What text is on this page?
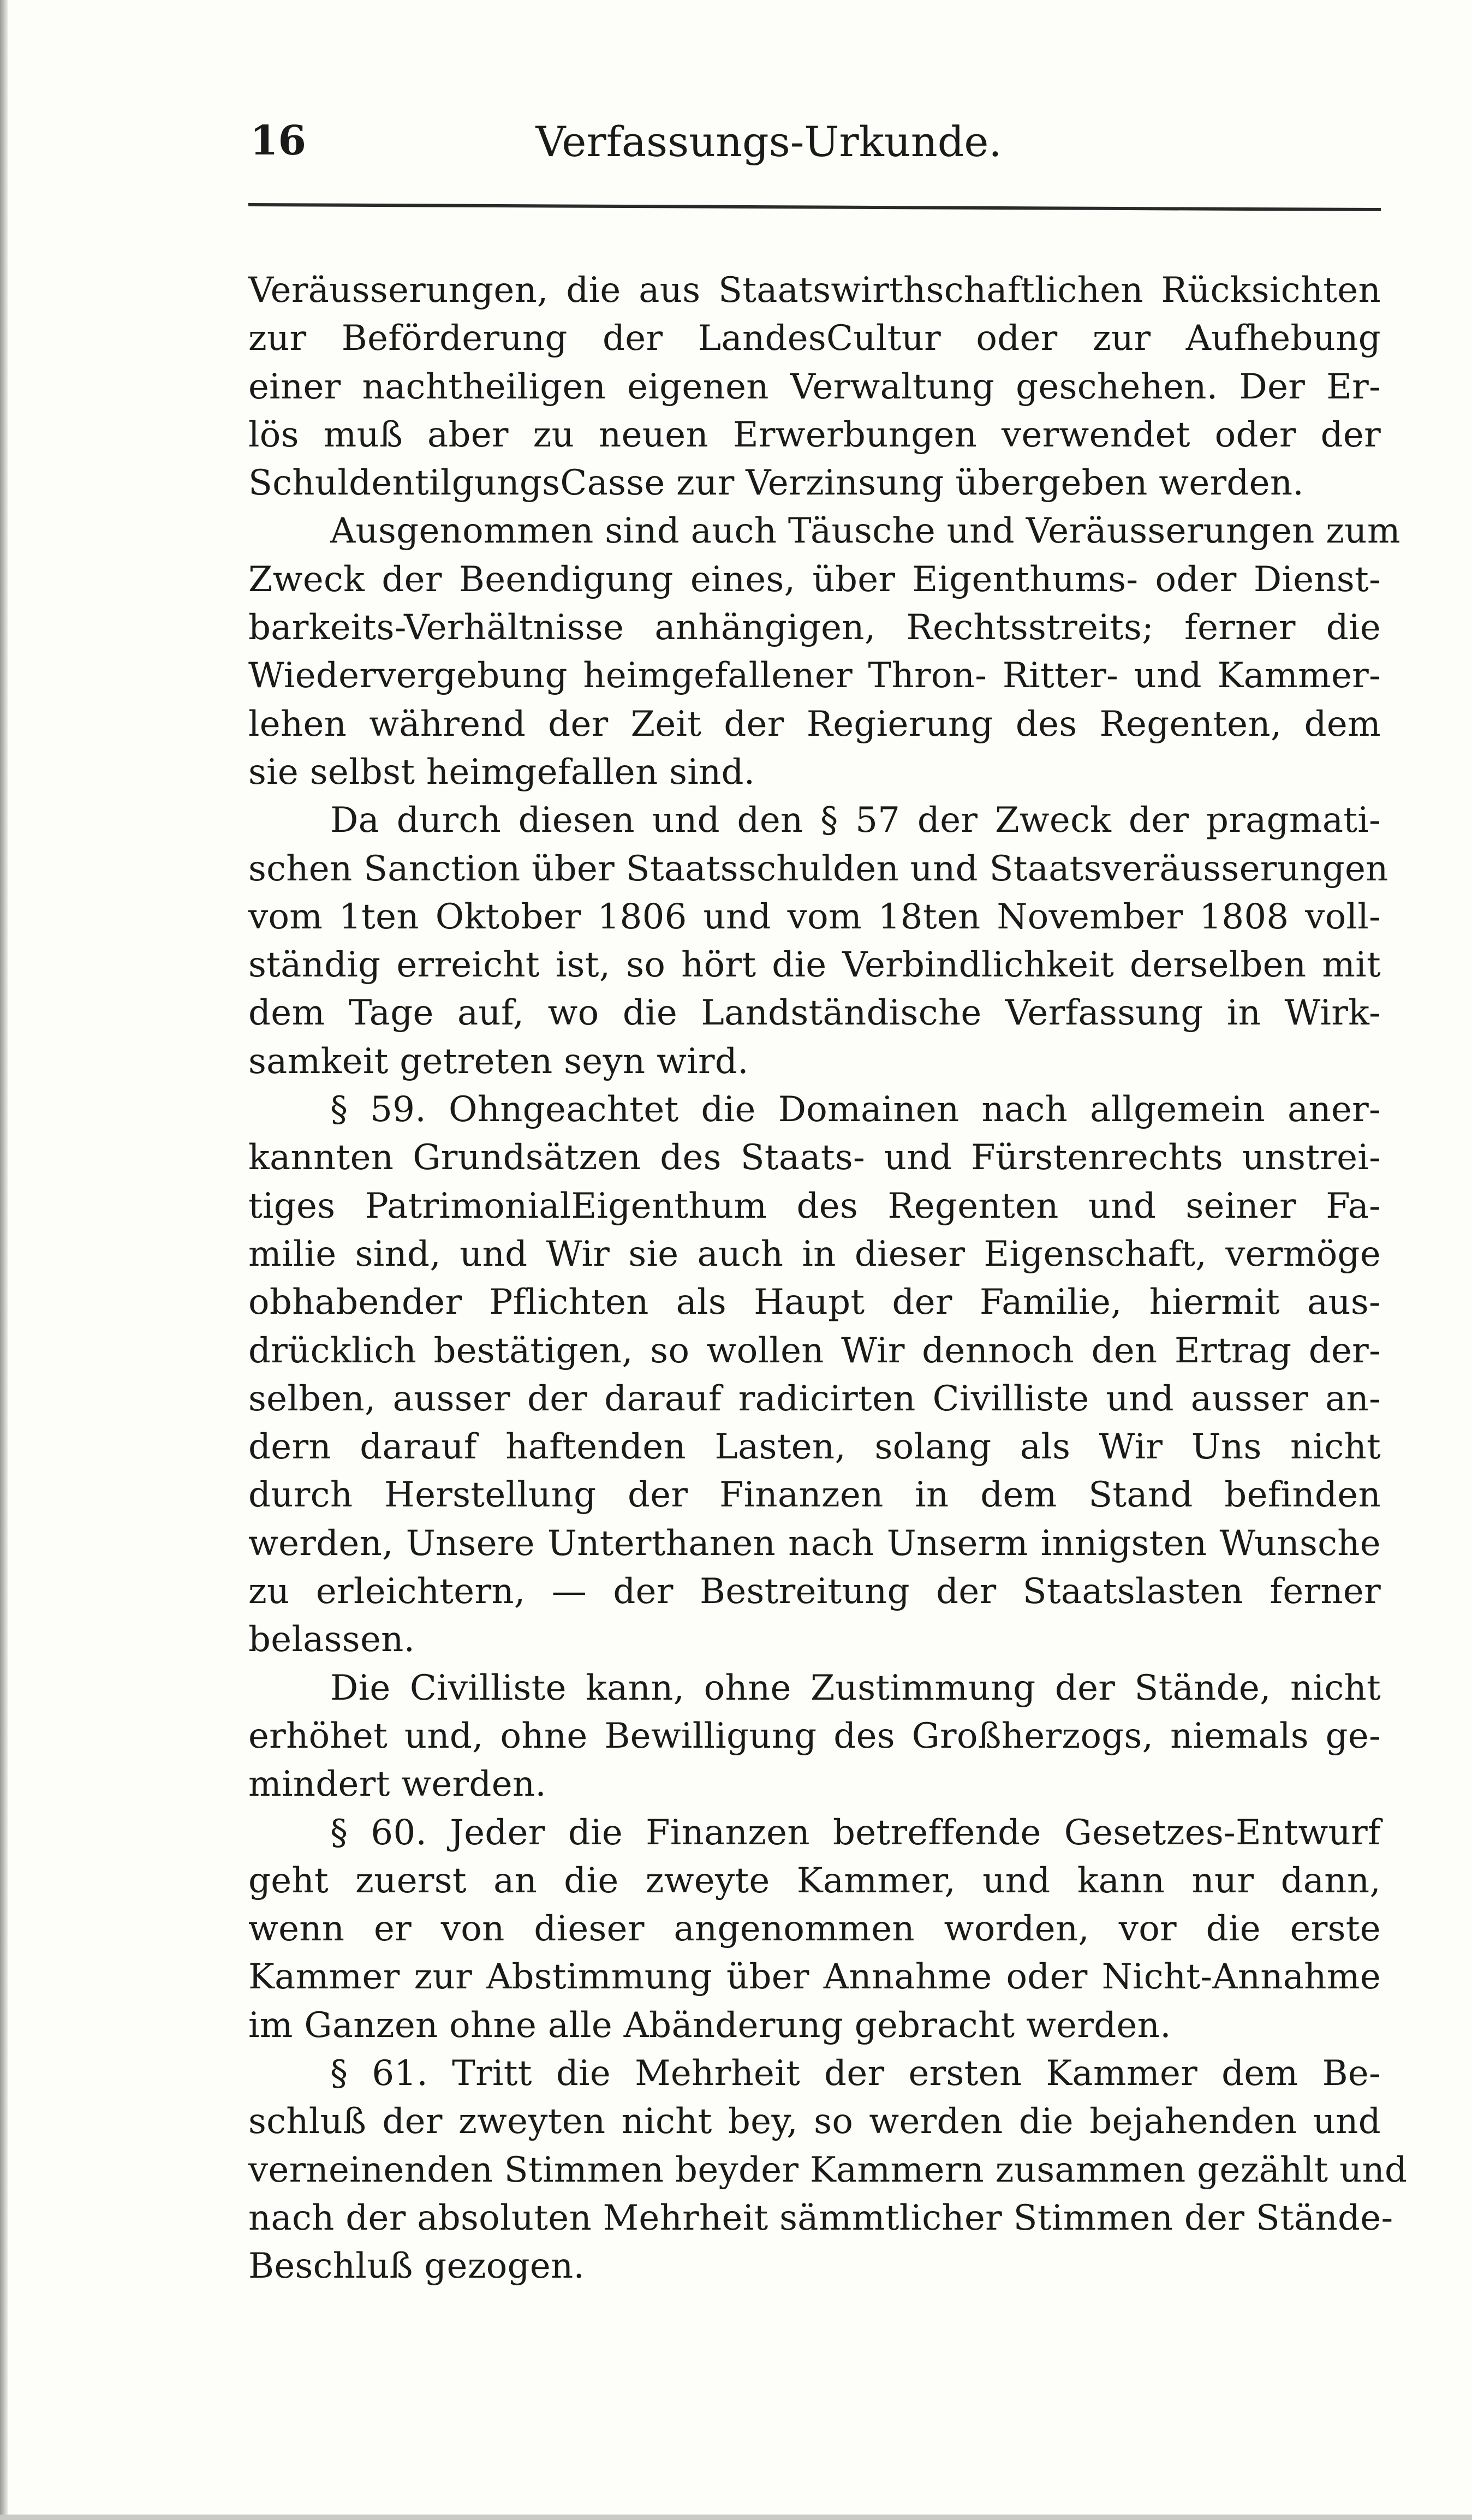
16	Verfassungs-Urkunde.
Veräusserungen, die aus Staatswirthschaftlichen Rücksichten
zur Beförderung der LandesCultur oder zur Aufhebung
einer nachtheiligen eigenen Verwaltung geschehen. Der Er-
lös muß aber zu neuen Erwerbungen verwendet oder der
SchuldentilgungsCasse zur Verzinsung übergeben werden.
Ausgenommen sind auch Täusche und Veräusserungen zum
Zweck der Beendigung eines, über Eigenthums- oder Dienst-
barkeits-Verhältnisse anhängigen, Rechtsstreits; ferner die
Wiedervergebung heimgefallener Thron- Ritter- und Kammer-
lehen während der Zeit der Regierung des Regenten, dem
sie selbst heimgefallen sind.
Da durch diesen und den § 57 der Zweck der pragmati-
schen Sanction über Staatsschulden und Staatsveräusserungen
vom 1ten Oktober 1806 und vom 18ten November 1808 voll-
ständig erreicht ist, so hört die Verbindlichkeit derselben mit
dem Tage auf, wo die Landständische Verfassung in Wirk-
samkeit getreten seyn wird.
§ 59. Ohngeachtet die Domainen nach allgemein aner-
kannten Grundsätzen des Staats- und Fürstenrechts unstrei-
tiges PatrimonialEigenthum des Regenten und seiner Fa-
milie sind, und Wir sie auch in dieser Eigenschaft, vermöge
obhabender Pflichten als Haupt der Familie, hiermit aus-
drücklich bestätigen, so wollen Wir dennoch den Ertrag der-
selben, ausser der darauf radicirten Civilliste und ausser an-
dern darauf haftenden Lasten, solang als Wir Uns nicht
durch Herstellung der Finanzen in dem Stand befinden
werden, Unsere Unterthanen nach Unserm innigsten Wunsche
zu erleichtern, — der Bestreitung der Staatslasten ferner
belassen.
Die Civilliste kann, ohne Zustimmung der Stände, nicht
erhöhet und, ohne Bewilligung des Großherzogs, niemals ge-
mindert werden.
§ 60. Jeder die Finanzen betreffende Gesetzes-Entwurf
geht zuerst an die zweyte Kammer, und kann nur dann,
wenn er von dieser angenommen worden, vor die erste
Kammer zur Abstimmung über Annahme oder Nicht-Annahme
im Ganzen ohne alle Abänderung gebracht werden.
§ 61. Tritt die Mehrheit der ersten Kammer dem Be-
schluß der zweyten nicht bey, so werden die bejahenden und
verneinenden Stimmen beyder Kammern zusammen gezählt und
nach der absoluten Mehrheit sämmtlicher Stimmen der Stände-
Beschluß gezogen.
